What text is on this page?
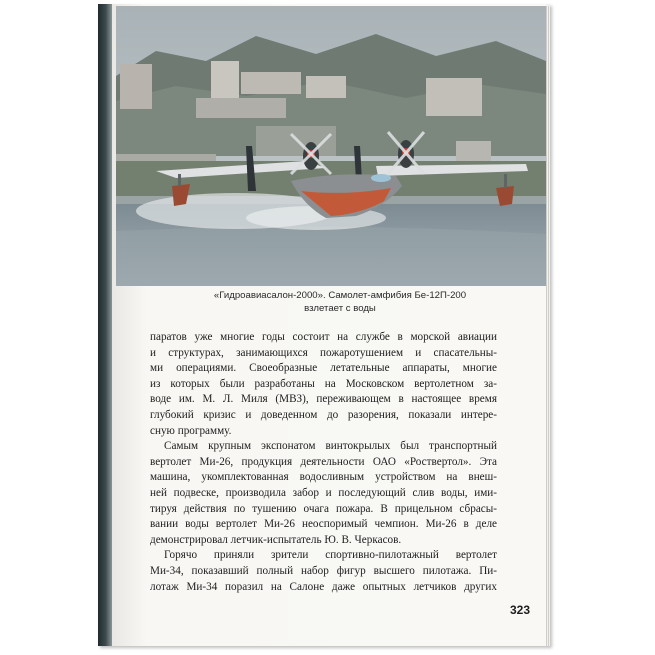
«Гидроавиасалон-2000». Самолет-амфибия Бе-12П-200
взлетает с воды

паратов уже многие годы состоит на службе в морской авиации
и структурах, занимающихся пожаротушением и спасательны-
ми операциями. Своеобразные летательные аппараты, многие
из которых были разработаны на Московском вертолетном за-
воде им. М. Л. Миля (МВЗ), переживающем в настоящее время
глубокий кризис и доведенном до разорения, показали интере-
сную программу.

Самым крупным экспонатом винтокрылых был транспортный
вертолет Ми-26, продукция деятельности ОАО «Роствертол». Эта
машина, укомплектованная водосливным устройством на внеш-
ней подвеске, производила забор и последующий слив воды, ими-
тируя действия по тушению очага пожара. В прицельном сбрасы-
вании воды вертолет Ми-26 неоспоримый чемпион. Ми-26 в деле
демонстрировал летчик-испытатель Ю. В. Черкасов.

Горячо приняли зрители спортивно-пилотажный вертолет
Ми-34, показавший полный набор фигур высшего пилотажа. Пи-
лотаж Ми-34 поразил на Салоне даже опытных летчиков других

323
